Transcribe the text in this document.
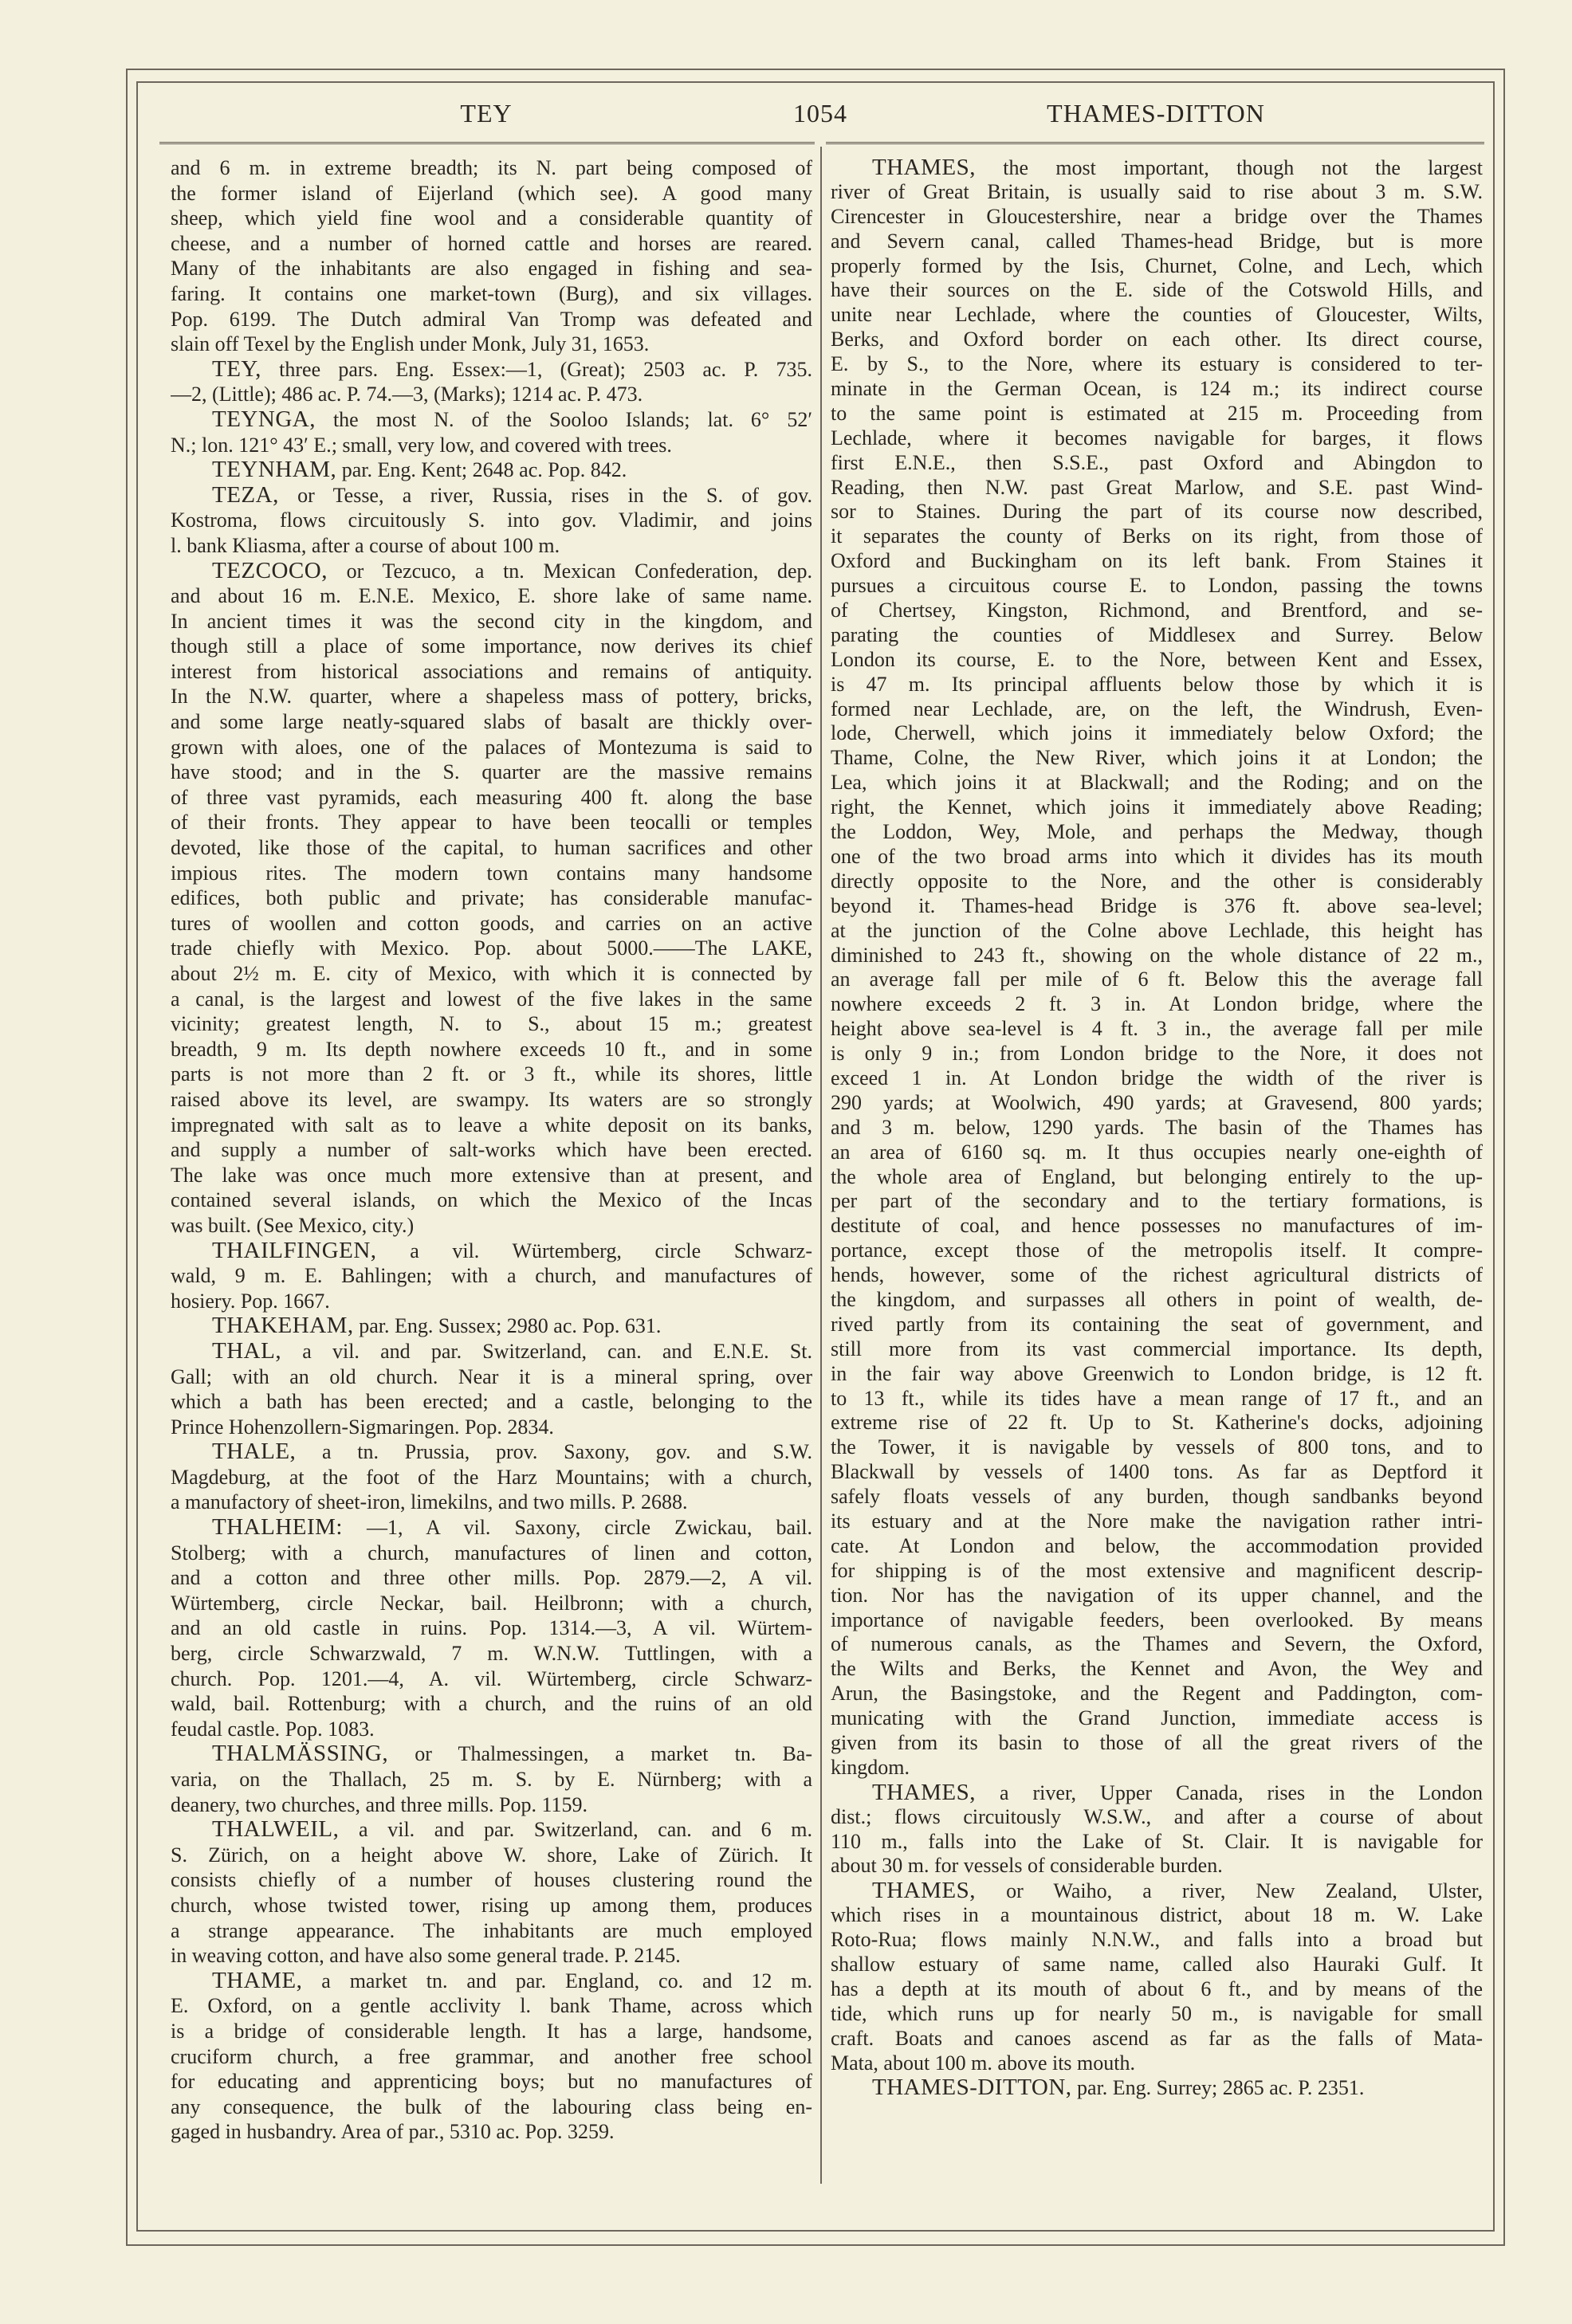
TEY	1054	THAMES-DITTON
and 6 m. in extreme breadth; its N. part being composed of
the former island of Eijerland (which see). A good many
sheep, which yield fine wool and a considerable quantity of
cheese, and a number of horned cattle and horses are reared.
Many of the inhabitants are also engaged in fishing and sea-
faring. It contains one market-town (Burg), and six villages.
Pop. 6199. The Dutch admiral Van Tromp was defeated and
slain off Texel by the English under Monk, July 31, 1653.
TEY, three pars. Eng. Essex:—1, (Great); 2503 ac. P. 735.
—2, (Little); 486 ac. P. 74.—3, (Marks); 1214 ac. P. 473.
TEYNGA, the most N. of the Sooloo Islands; lat. 6° 52′
N.; lon. 121° 43′ E.; small, very low, and covered with trees.
TEYNHAM, par. Eng. Kent; 2648 ac. Pop. 842.
TEZA, or Tesse, a river, Russia, rises in the S. of gov.
Kostroma, flows circuitously S. into gov. Vladimir, and joins
l. bank Kliasma, after a course of about 100 m.
TEZCOCO, or Tezcuco, a tn. Mexican Confederation, dep.
and about 16 m. E.N.E. Mexico, E. shore lake of same name.
In ancient times it was the second city in the kingdom, and
though still a place of some importance, now derives its chief
interest from historical associations and remains of antiquity.
In the N.W. quarter, where a shapeless mass of pottery, bricks,
and some large neatly-squared slabs of basalt are thickly over-
grown with aloes, one of the palaces of Montezuma is said to
have stood; and in the S. quarter are the massive remains
of three vast pyramids, each measuring 400 ft. along the base
of their fronts. They appear to have been teocalli or temples
devoted, like those of the capital, to human sacrifices and other
impious rites. The modern town contains many handsome
edifices, both public and private; has considerable manufac-
tures of woollen and cotton goods, and carries on an active
trade chiefly with Mexico. Pop. about 5000.——The LAKE,
about 2½ m. E. city of Mexico, with which it is connected by
a canal, is the largest and lowest of the five lakes in the same
vicinity; greatest length, N. to S., about 15 m.; greatest
breadth, 9 m. Its depth nowhere exceeds 10 ft., and in some
parts is not more than 2 ft. or 3 ft., while its shores, little
raised above its level, are swampy. Its waters are so strongly
impregnated with salt as to leave a white deposit on its banks,
and supply a number of salt-works which have been erected.
The lake was once much more extensive than at present, and
contained several islands, on which the Mexico of the Incas
was built. (See Mexico, city.)
THAILFINGEN, a vil. Würtemberg, circle Schwarz-
wald, 9 m. E. Bahlingen; with a church, and manufactures of
hosiery. Pop. 1667.
THAKEHAM, par. Eng. Sussex; 2980 ac. Pop. 631.
THAL, a vil. and par. Switzerland, can. and E.N.E. St.
Gall; with an old church. Near it is a mineral spring, over
which a bath has been erected; and a castle, belonging to the
Prince Hohenzollern-Sigmaringen. Pop. 2834.
THALE, a tn. Prussia, prov. Saxony, gov. and S.W.
Magdeburg, at the foot of the Harz Mountains; with a church,
a manufactory of sheet-iron, limekilns, and two mills. P. 2688.
THALHEIM: —1, A vil. Saxony, circle Zwickau, bail.
Stolberg; with a church, manufactures of linen and cotton,
and a cotton and three other mills. Pop. 2879.—2, A vil.
Würtemberg, circle Neckar, bail. Heilbronn; with a church,
and an old castle in ruins. Pop. 1314.—3, A vil. Würtem-
berg, circle Schwarzwald, 7 m. W.N.W. Tuttlingen, with a
church. Pop. 1201.—4, A. vil. Würtemberg, circle Schwarz-
wald, bail. Rottenburg; with a church, and the ruins of an old
feudal castle. Pop. 1083.
THALMÄSSING, or Thalmessingen, a market tn. Ba-
varia, on the Thallach, 25 m. S. by E. Nürnberg; with a
deanery, two churches, and three mills. Pop. 1159.
THALWEIL, a vil. and par. Switzerland, can. and 6 m.
S. Zürich, on a height above W. shore, Lake of Zürich. It
consists chiefly of a number of houses clustering round the
church, whose twisted tower, rising up among them, produces
a strange appearance. The inhabitants are much employed
in weaving cotton, and have also some general trade. P. 2145.
THAME, a market tn. and par. England, co. and 12 m.
E. Oxford, on a gentle acclivity l. bank Thame, across which
is a bridge of considerable length. It has a large, handsome,
cruciform church, a free grammar, and another free school
for educating and apprenticing boys; but no manufactures of
any consequence, the bulk of the labouring class being en-
gaged in husbandry. Area of par., 5310 ac. Pop. 3259.
THAMES, the most important, though not the largest
river of Great Britain, is usually said to rise about 3 m. S.W.
Cirencester in Gloucestershire, near a bridge over the Thames
and Severn canal, called Thames-head Bridge, but is more
properly formed by the Isis, Churnet, Colne, and Lech, which
have their sources on the E. side of the Cotswold Hills, and
unite near Lechlade, where the counties of Gloucester, Wilts,
Berks, and Oxford border on each other. Its direct course,
E. by S., to the Nore, where its estuary is considered to ter-
minate in the German Ocean, is 124 m.; its indirect course
to the same point is estimated at 215 m. Proceeding from
Lechlade, where it becomes navigable for barges, it flows
first E.N.E., then S.S.E., past Oxford and Abingdon to
Reading, then N.W. past Great Marlow, and S.E. past Wind-
sor to Staines. During the part of its course now described,
it separates the county of Berks on its right, from those of
Oxford and Buckingham on its left bank. From Staines it
pursues a circuitous course E. to London, passing the towns
of Chertsey, Kingston, Richmond, and Brentford, and se-
parating the counties of Middlesex and Surrey. Below
London its course, E. to the Nore, between Kent and Essex,
is 47 m. Its principal affluents below those by which it is
formed near Lechlade, are, on the left, the Windrush, Even-
lode, Cherwell, which joins it immediately below Oxford; the
Thame, Colne, the New River, which joins it at London; the
Lea, which joins it at Blackwall; and the Roding; and on the
right, the Kennet, which joins it immediately above Reading;
the Loddon, Wey, Mole, and perhaps the Medway, though
one of the two broad arms into which it divides has its mouth
directly opposite to the Nore, and the other is considerably
beyond it. Thames-head Bridge is 376 ft. above sea-level;
at the junction of the Colne above Lechlade, this height has
diminished to 243 ft., showing on the whole distance of 22 m.,
an average fall per mile of 6 ft. Below this the average fall
nowhere exceeds 2 ft. 3 in. At London bridge, where the
height above sea-level is 4 ft. 3 in., the average fall per mile
is only 9 in.; from London bridge to the Nore, it does not
exceed 1 in. At London bridge the width of the river is
290 yards; at Woolwich, 490 yards; at Gravesend, 800 yards;
and 3 m. below, 1290 yards. The basin of the Thames has
an area of 6160 sq. m. It thus occupies nearly one-eighth of
the whole area of England, but belonging entirely to the up-
per part of the secondary and to the tertiary formations, is
destitute of coal, and hence possesses no manufactures of im-
portance, except those of the metropolis itself. It compre-
hends, however, some of the richest agricultural districts of
the kingdom, and surpasses all others in point of wealth, de-
rived partly from its containing the seat of government, and
still more from its vast commercial importance. Its depth,
in the fair way above Greenwich to London bridge, is 12 ft.
to 13 ft., while its tides have a mean range of 17 ft., and an
extreme rise of 22 ft. Up to St. Katherine's docks, adjoining
the Tower, it is navigable by vessels of 800 tons, and to
Blackwall by vessels of 1400 tons. As far as Deptford it
safely floats vessels of any burden, though sandbanks beyond
its estuary and at the Nore make the navigation rather intri-
cate. At London and below, the accommodation provided
for shipping is of the most extensive and magnificent descrip-
tion. Nor has the navigation of its upper channel, and the
importance of navigable feeders, been overlooked. By means
of numerous canals, as the Thames and Severn, the Oxford,
the Wilts and Berks, the Kennet and Avon, the Wey and
Arun, the Basingstoke, and the Regent and Paddington, com-
municating with the Grand Junction, immediate access is
given from its basin to those of all the great rivers of the
kingdom.
THAMES, a river, Upper Canada, rises in the London
dist.; flows circuitously W.S.W., and after a course of about
110 m., falls into the Lake of St. Clair. It is navigable for
about 30 m. for vessels of considerable burden.
THAMES, or Waiho, a river, New Zealand, Ulster,
which rises in a mountainous district, about 18 m. W. Lake
Roto-Rua; flows mainly N.N.W., and falls into a broad but
shallow estuary of same name, called also Hauraki Gulf. It
has a depth at its mouth of about 6 ft., and by means of the
tide, which runs up for nearly 50 m., is navigable for small
craft. Boats and canoes ascend as far as the falls of Mata-
Mata, about 100 m. above its mouth.
THAMES-DITTON, par. Eng. Surrey; 2865 ac. P. 2351.
